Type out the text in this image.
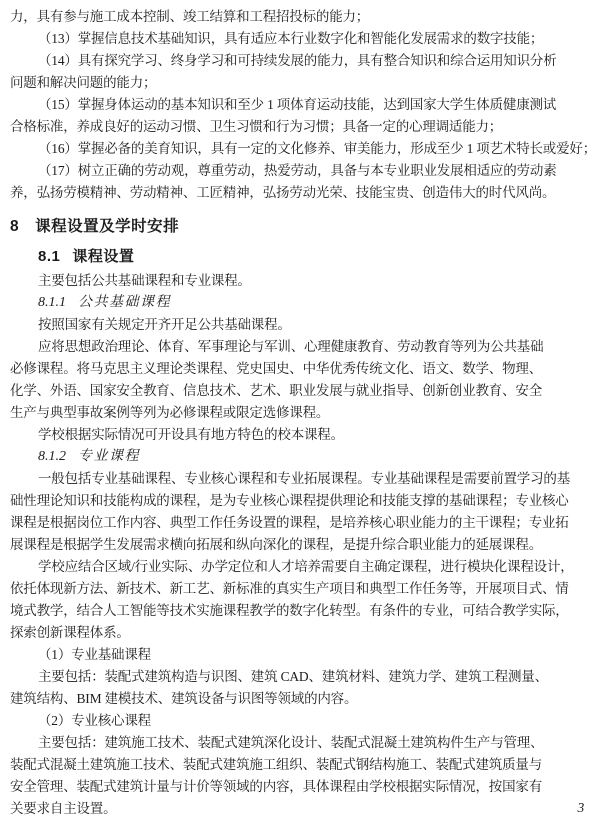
力，具有参与施工成本控制、竣工结算和工程招投标的能力；
（13）掌握信息技术基础知识，具有适应本行业数字化和智能化发展需求的数字技能；
（14）具有探究学习、终身学习和可持续发展的能力，具有整合知识和综合运用知识分析
问题和解决问题的能力；
（15）掌握身体运动的基本知识和至少 1 项体育运动技能，达到国家大学生体质健康测试
合格标准，养成良好的运动习惯、卫生习惯和行为习惯；具备一定的心理调适能力；
（16）掌握必备的美育知识，具有一定的文化修养、审美能力，形成至少 1 项艺术特长或爱好；
（17）树立正确的劳动观，尊重劳动，热爱劳动，具备与本专业职业发展相适应的劳动素
养，弘扬劳模精神、劳动精神、工匠精神，弘扬劳动光荣、技能宝贵、创造伟大的时代风尚。
8 课程设置及学时安排
8.1 课程设置
主要包括公共基础课程和专业课程。
8.1.1 公共基础课程
按照国家有关规定开齐开足公共基础课程。
应将思想政治理论、体育、军事理论与军训、心理健康教育、劳动教育等列为公共基础
必修课程。将马克思主义理论类课程、党史国史、中华优秀传统文化、语文、数学、物理、
化学、外语、国家安全教育、信息技术、艺术、职业发展与就业指导、创新创业教育、安全
生产与典型事故案例等列为必修课程或限定选修课程。
学校根据实际情况可开设具有地方特色的校本课程。
8.1.2 专业课程
一般包括专业基础课程、专业核心课程和专业拓展课程。专业基础课程是需要前置学习的基
础性理论知识和技能构成的课程，是为专业核心课程提供理论和技能支撑的基础课程；专业核心
课程是根据岗位工作内容、典型工作任务设置的课程，是培养核心职业能力的主干课程；专业拓
展课程是根据学生发展需求横向拓展和纵向深化的课程，是提升综合职业能力的延展课程。
学校应结合区域/行业实际、办学定位和人才培养需要自主确定课程，进行模块化课程设计，
依托体现新方法、新技术、新工艺、新标准的真实生产项目和典型工作任务等，开展项目式、情
境式教学，结合人工智能等技术实施课程教学的数字化转型。有条件的专业，可结合教学实际，
探索创新课程体系。
（1）专业基础课程
主要包括：装配式建筑构造与识图、建筑 CAD、建筑材料、建筑力学、建筑工程测量、
建筑结构、BIM 建模技术、建筑设备与识图等领域的内容。
（2）专业核心课程
主要包括：建筑施工技术、装配式建筑深化设计、装配式混凝土建筑构件生产与管理、
装配式混凝土建筑施工技术、装配式建筑施工组织、装配式钢结构施工、装配式建筑质量与
安全管理、装配式建筑计量与计价等领域的内容，具体课程由学校根据实际情况，按国家有
关要求自主设置。	3
